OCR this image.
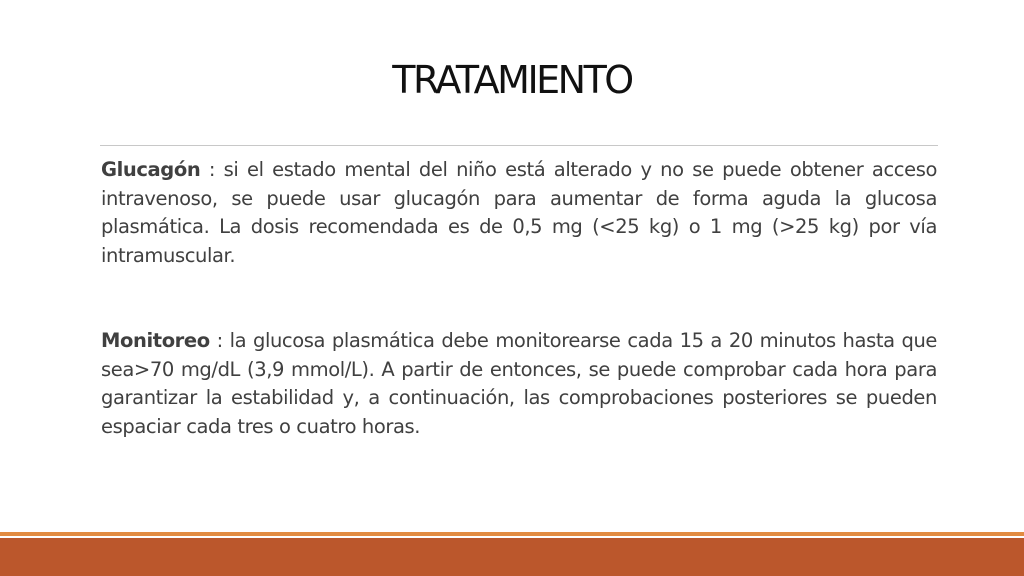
TRATAMIENTO

Glucagón : si el estado mental del niño está alterado y no se puede obtener acceso intravenoso, se puede usar glucagón para aumentar de forma aguda la glucosa plasmática. La dosis recomendada es de 0,5 mg (<25 kg) o 1 mg (>25 kg) por vía intramuscular.

Monitoreo : la glucosa plasmática debe monitorearse cada 15 a 20 minutos hasta que sea>70 mg/dL (3,9 mmol/L). A partir de entonces, se puede comprobar cada hora para garantizar la estabilidad y, a continuación, las comprobaciones posteriores se pueden espaciar cada tres o cuatro horas.
